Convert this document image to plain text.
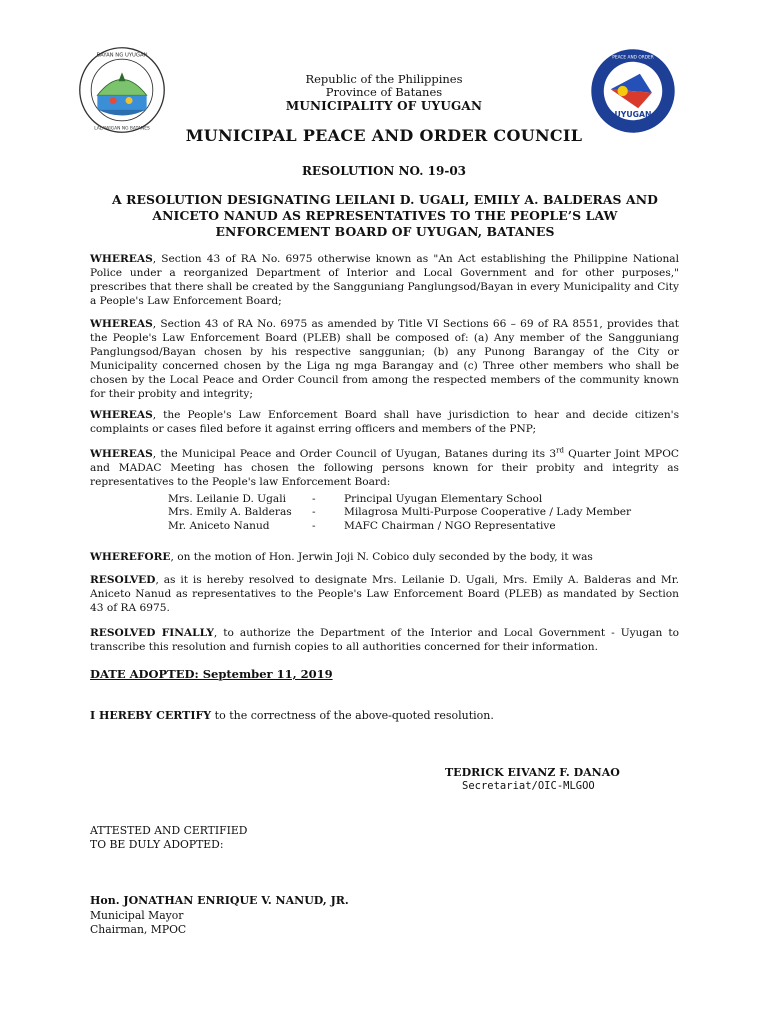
BAYAN NG UYUGAN
LALAWIGAN NG BATANES
UYUGAN
PEACE AND ORDER
Republic of the Philippines
Province of Batanes
MUNICIPALITY OF UYUGAN
MUNICIPAL PEACE AND ORDER COUNCIL
RESOLUTION NO. 19-03
A RESOLUTION DESIGNATING LEILANI D. UGALI, EMILY A. BALDERAS AND
ANICETO NANUD AS REPRESENTATIVES TO THE PEOPLE’S LAW
ENFORCEMENT BOARD OF UYUGAN, BATANES

WHEREAS, Section 43 of RA No. 6975 otherwise known as "An Act establishing the Philippine National Police under a reorganized Department of Interior and Local Government and for other purposes," prescribes that there shall be created by the Sangguniang Panglungsod/Bayan in every Municipality and City a People's Law Enforcement Board;

WHEREAS, Section 43 of RA No. 6975 as amended by Title VI Sections 66 – 69 of RA 8551, provides that the People's Law Enforcement Board (PLEB) shall be composed of: (a) Any member of the Sangguniang Panglungsod/Bayan chosen by his respective sanggunian; (b) any Punong Barangay of the City or Municipality concerned chosen by the Liga ng mga Barangay and (c) Three other members who shall be chosen by the Local Peace and Order Council from among the respected members of the community known for their probity and integrity;

WHEREAS, the People's Law Enforcement Board shall have jurisdiction to hear and decide citizen's complaints or cases filed before it against erring officers and members of the PNP;

WHEREAS, the Municipal Peace and Order Council of Uyugan, Batanes during its 3rd Quarter Joint MPOC and MADAC Meeting has chosen the following persons known for their probity and integrity as representatives to the People's law Enforcement Board:

Mrs. Leilanie D. Ugali	-	Principal Uyugan Elementary School
Mrs. Emily A. Balderas	-	Milagrosa Multi-Purpose Cooperative / Lady Member
Mr. Aniceto Nanud	-	MAFC Chairman / NGO Representative

WHEREFORE, on the motion of Hon. Jerwin Joji N. Cobico duly seconded by the body, it was

RESOLVED, as it is hereby resolved to designate Mrs. Leilanie D. Ugali, Mrs. Emily A. Balderas and Mr. Aniceto Nanud as representatives to the People's Law Enforcement Board (PLEB) as mandated by Section 43 of RA 6975.

RESOLVED FINALLY, to authorize the Department of the Interior and Local Government - Uyugan to transcribe this resolution and furnish copies to all authorities concerned for their information.

DATE ADOPTED: September 11, 2019
I HEREBY CERTIFY to the correctness of the above-quoted resolution.
TEDRICK EIVANZ F. DANAO
Secretariat/OIC-MLGOO
ATTESTED AND CERTIFIED
TO BE DULY ADOPTED:
Hon. JONATHAN ENRIQUE V. NANUD, JR.
Municipal Mayor
Chairman, MPOC
